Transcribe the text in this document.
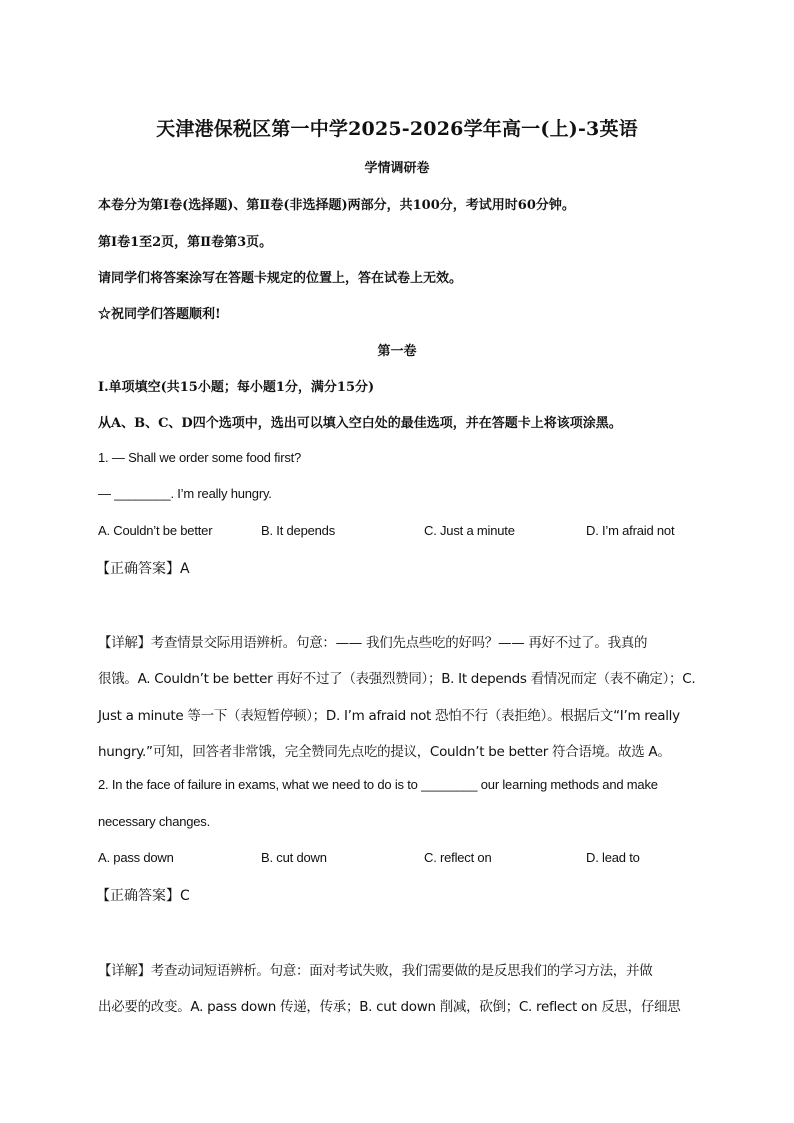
天津港保税区第一中学2025-2026学年高一(上)-3英语
学情调研卷
本卷分为第Ⅰ卷(选择题)、第Ⅱ卷(非选择题)两部分，共100分，考试用时60分钟。
第Ⅰ卷1至2页，第Ⅱ卷第3页。
请同学们将答案涂写在答题卡规定的位置上，答在试卷上无效。
☆祝同学们答题顺利!
第一卷
I.单项填空(共15小题；每小题1分，满分15分)
从A、B、C、D四个选项中，选出可以填入空白处的最佳选项，并在答题卡上将该项涂黑。
1. — Shall we order some food first?
— ________. I’m really hungry.
A. Couldn’t be better	B. It depends	C. Just a minute	D. I’m afraid not
【正确答案】A
【详解】考查情景交际用语辨析。句意：—— 我们先点些吃的好吗？—— 再好不过了。我真的
很饿。A. Couldn’t be better 再好不过了（表强烈赞同）；B. It depends 看情况而定（表不确定）；C.
Just a minute 等一下（表短暂停顿）；D. I’m afraid not 恐怕不行（表拒绝）。根据后文“I’m really
hungry.”可知，回答者非常饿，完全赞同先点吃的提议，Couldn’t be better 符合语境。故选 A。
2. In the face of failure in exams, what we need to do is to ________ our learning methods and make
necessary changes.
A. pass down	B. cut down	C. reflect on	D. lead to
【正确答案】C
【详解】考查动词短语辨析。句意：面对考试失败，我们需要做的是反思我们的学习方法，并做
出必要的改变。A. pass down 传递，传承；B. cut down 削减，砍倒；C. reflect on 反思，仔细思
